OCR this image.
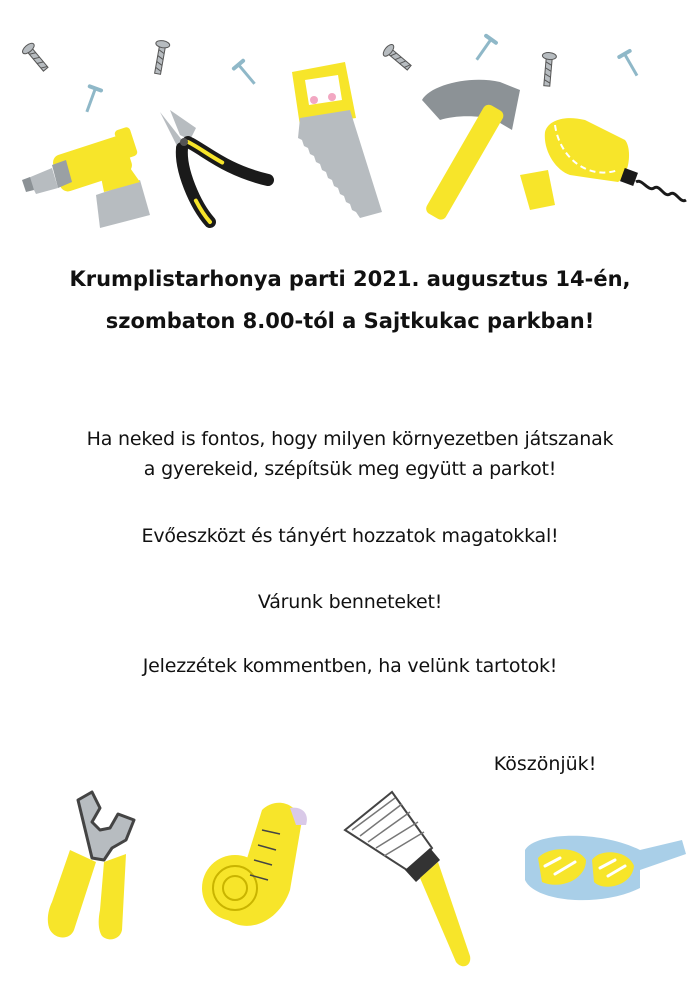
Krumplistarhonya parti 2021. augusztus 14-én,
szombaton 8.00-tól a Sajtkukac parkban!

Ha neked is fontos, hogy milyen környezetben játszanak
a gyerekeid, szépítsük meg együtt a parkot!

Evőeszközt és tányért hozzatok magatokkal!

Várunk benneteket!

Jelezzétek kommentben, ha velünk tartotok!

Köszönjük!
